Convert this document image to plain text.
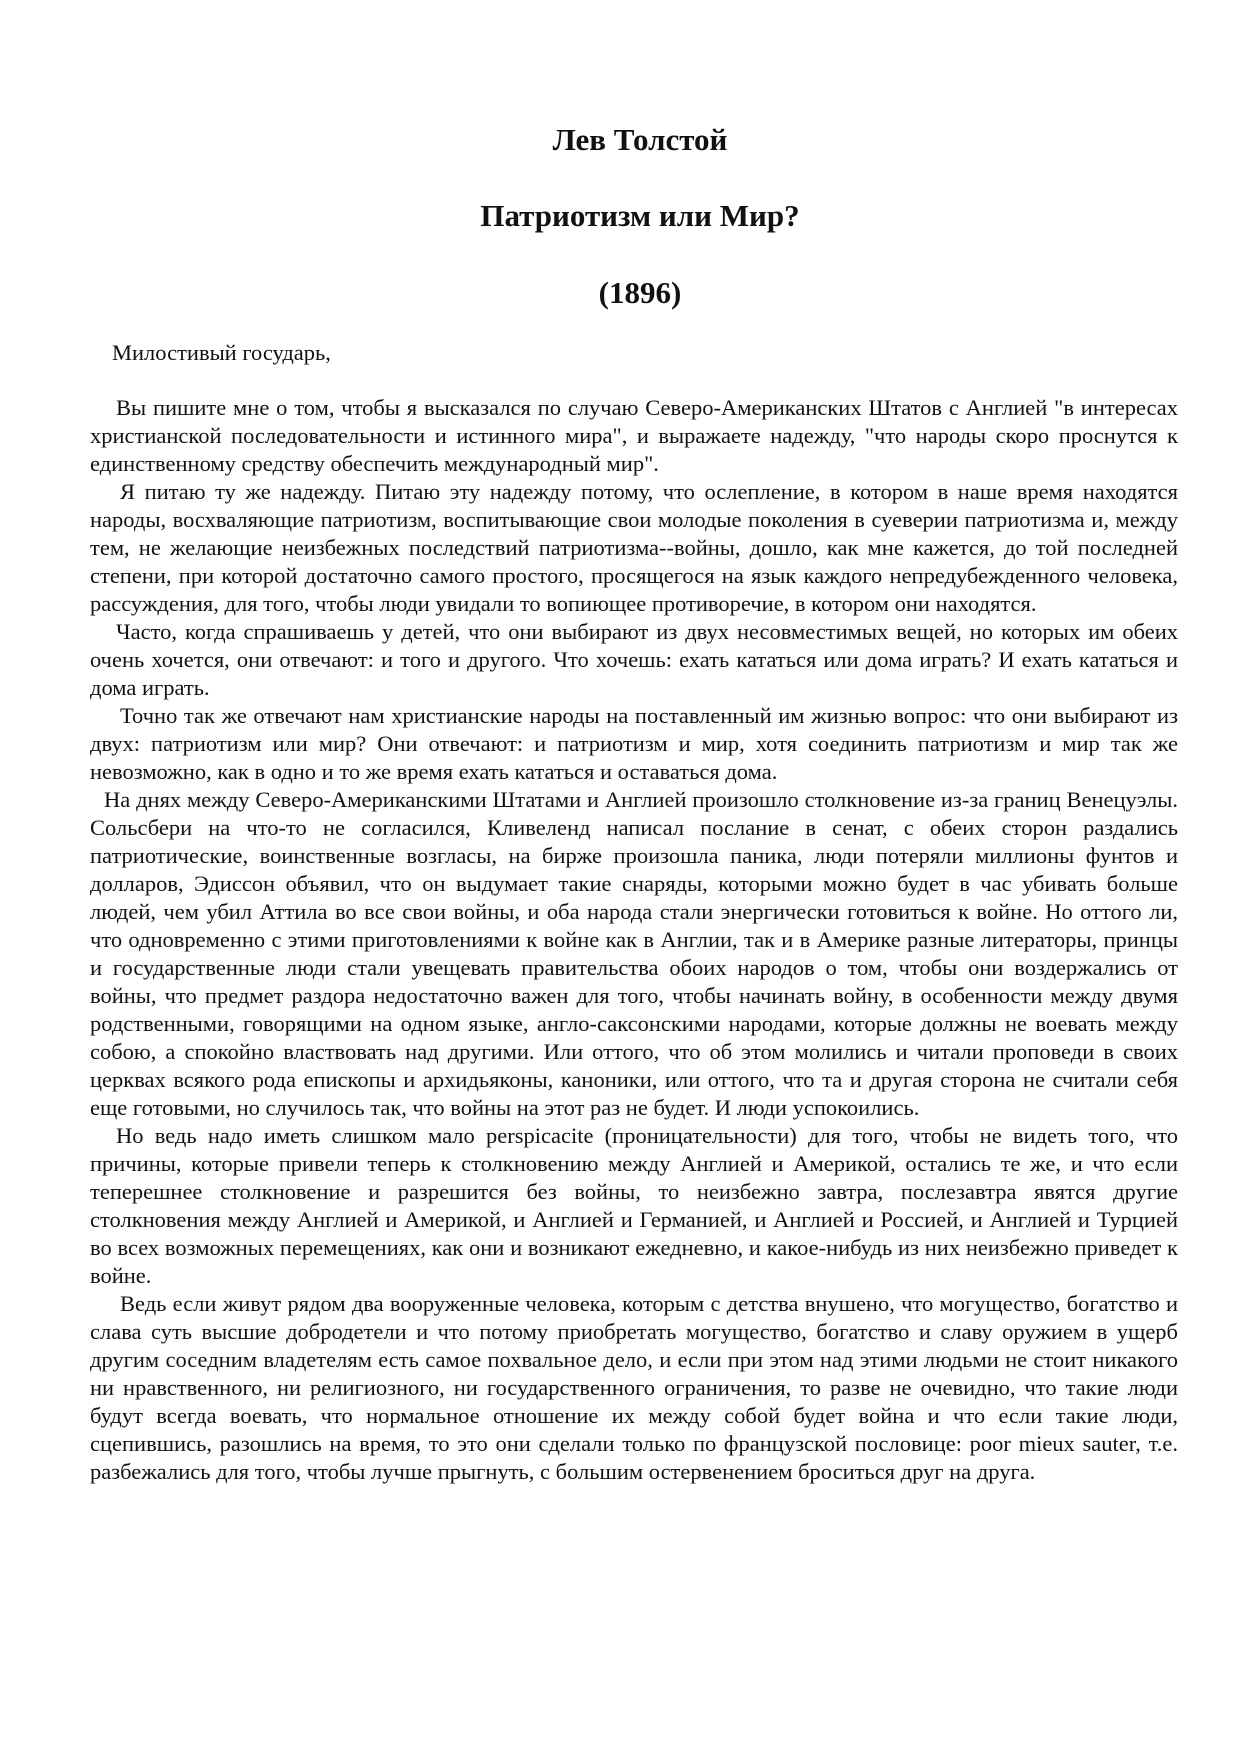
Лев Толстой
Патриотизм или Мир?
(1896)

Милостивый государь,

Вы пишите мне о том, чтобы я высказался по случаю Северо-Американских Штатов с Англией "в интересах христианской последовательности и истинного мира", и выражаете надежду, "что народы скоро проснутся к единственному средству обеспечить международный мир".

Я питаю ту же надежду. Питаю эту надежду потому, что ослепление, в котором в наше время находятся народы, восхваляющие патриотизм, воспитывающие свои молодые поколения в суеверии патриотизма и, между тем, не желающие неизбежных последствий патриотизма--войны, дошло, как мне кажется, до той последней степени, при которой достаточно самого простого, просящегося на язык каждого непредубежденного человека, рассуждения, для того, чтобы люди увидали то вопиющее противоречие, в котором они находятся.

Часто, когда спрашиваешь у детей, что они выбирают из двух несовместимых вещей, но которых им обеих очень хочется, они отвечают: и того и другого. Что хочешь: ехать кататься или дома играть? И ехать кататься и дома играть.

Точно так же отвечают нам христианские народы на поставленный им жизнью вопрос: что они выбирают из двух: патриотизм или мир? Они отвечают: и патриотизм и мир, хотя соединить патриотизм и мир так же невозможно, как в одно и то же время ехать кататься и оставаться дома.

На днях между Северо-Американскими Штатами и Англией произошло столкновение из-за границ Венецуэлы. Сольсбери на что-то не согласился, Кливеленд написал послание в сенат, с обеих сторон раздались патриотические, воинственные возгласы, на бирже произошла паника, люди потеряли миллионы фунтов и долларов, Эдиссон объявил, что он выдумает такие снаряды, которыми можно будет в час убивать больше людей, чем убил Аттила во все свои войны, и оба народа стали энергически готовиться к войне. Но оттого ли, что одновременно с этими приготовлениями к войне как в Англии, так и в Америке разные литераторы, принцы и государственные люди стали увещевать правительства обоих народов о том, чтобы они воздержались от войны, что предмет раздора недостаточно важен для того, чтобы начинать войну, в особенности между двумя родственными, говорящими на одном языке, англо-саксонскими народами, которые должны не воевать между собою, а спокойно властвовать над другими. Или оттого, что об этом молились и читали проповеди в своих церквах всякого рода епископы и архидьяконы, каноники, или оттого, что та и другая сторона не считали себя еще готовыми, но случилось так, что войны на этот раз не будет. И люди успокоились.

Но ведь надо иметь слишком мало perspicacite (проницательности) для того, чтобы не видеть того, что причины, которые привели теперь к столкновению между Англией и Америкой, остались те же, и что если теперешнее столкновение и разрешится без войны, то неизбежно завтра, послезавтра явятся другие столкновения между Англией и Америкой, и Англией и Германией, и Англией и Россией, и Англией и Турцией во всех возможных перемещениях, как они и возникают ежедневно, и какое-нибудь из них неизбежно приведет к войне.

Ведь если живут рядом два вооруженные человека, которым с детства внушено, что могущество, богатство и слава суть высшие добродетели и что потому приобретать могущество, богатство и славу оружием в ущерб другим соседним владетелям есть самое похвальное дело, и если при этом над этими людьми не стоит никакого ни нравственного, ни религиозного, ни государственного ограничения, то разве не очевидно, что такие люди будут всегда воевать, что нормальное отношение их между собой будет война и что если такие люди, сцепившись, разошлись на время, то это они сделали только по французской пословице: poor mieux sauter, т.е. разбежались для того, чтобы лучше прыгнуть, с большим остервенением броситься друг на друга.
